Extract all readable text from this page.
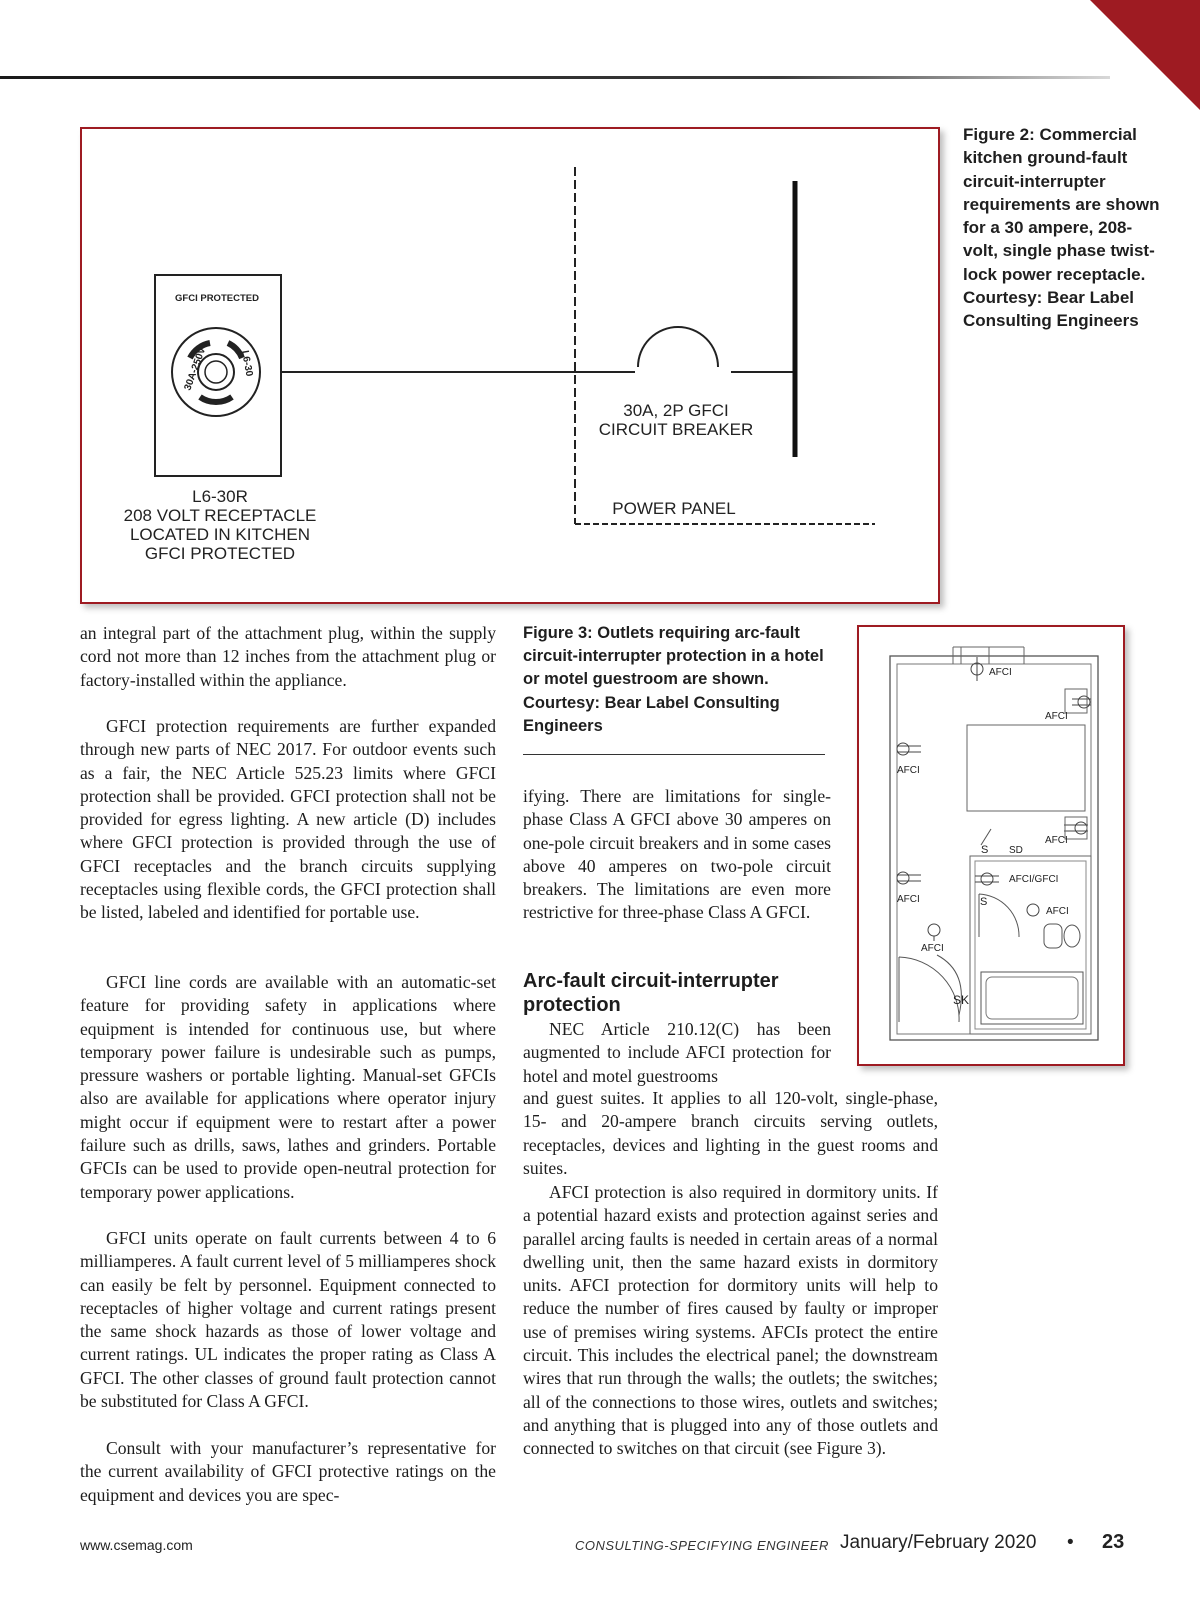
GFCI PROTECTED
30A-250V	L6-30
L6-30R
208 VOLT RECEPTACLE
LOCATED IN KITCHEN
GFCI PROTECTED
30A, 2P GFCI
CIRCUIT BREAKER
POWER PANEL
Figure 2: Commercial kitchen ground-fault circuit-interrupter requirements are shown for a 30 ampere, 208-volt, single phase twist-lock power receptacle. Courtesy: Bear Label Consulting Engineers
Figure 3: Outlets requiring arc-fault circuit-interrupter protection in a hotel or motel guestroom are shown. Courtesy: Bear Label Consulting Engineers
AFCI
AFCI
AFCI
AFCI
S SD
AFCI/GFCI
S
AFCI
AFCI
AFCI
SK

an integral part of the attachment plug, within the supply cord not more than 12 inches from the attachment plug or factory-installed within the appliance.

GFCI protection requirements are further expanded through new parts of NEC 2017. For outdoor events such as a fair, the NEC Article 525.23 limits where GFCI protection shall be provided. GFCI protection shall not be provided for egress lighting. A new article (D) includes where GFCI protection is provided through the use of GFCI receptacles and the branch circuits supplying receptacles using flexible cords, the GFCI protection shall be listed, labeled and identified for portable use.

GFCI line cords are available with an automatic-set feature for providing safety in applications where equipment is intended for continuous use, but where temporary power failure is undesirable such as pumps, pressure washers or portable lighting. Manual-set GFCIs also are available for applications where operator injury might occur if equipment were to restart after a power failure such as drills, saws, lathes and grinders. Portable GFCIs can be used to provide open-neutral protection for temporary power applications.

GFCI units operate on fault currents between 4 to 6 milliamperes. A fault current level of 5 milliamperes shock can easily be felt by personnel. Equipment connected to receptacles of higher voltage and current ratings present the same shock hazards as those of lower voltage and current ratings. UL indicates the proper rating as Class A GFCI. The other classes of ground fault protection cannot be substituted for Class A GFCI.

Consult with your manufacturer’s representative for the current availability of GFCI protective ratings on the equipment and devices you are spec-

ifying. There are limitations for single-phase Class A GFCI above 30 amperes on one-pole circuit breakers and in some cases above 40 amperes on two-pole circuit breakers. The limitations are even more restrictive for three-phase Class A GFCI.

Arc-fault circuit-interrupter protection

NEC Article 210.12(C) has been augmented to include AFCI protection for hotel and motel guestrooms

and guest suites. It applies to all 120-volt, single-phase, 15- and 20-ampere branch circuits serving outlets, receptacles, devices and lighting in the guest rooms and suites.

AFCI protection is also required in dormitory units. If a potential hazard exists and protection against series and parallel arcing faults is needed in certain areas of a normal dwelling unit, then the same hazard exists in dormitory units. AFCI protection for dormitory units will help to reduce the number of fires caused by faulty or improper use of premises wiring systems. AFCIs protect the entire circuit. This includes the electrical panel; the downstream wires that run through the walls; the outlets; the switches; all of the connections to those wires, outlets and switches; and anything that is plugged into any of those outlets and connected to switches on that circuit (see Figure 3).

www.csemag.com	CONSULTING-SPECIFYING ENGINEER January/February 2020 • 23
